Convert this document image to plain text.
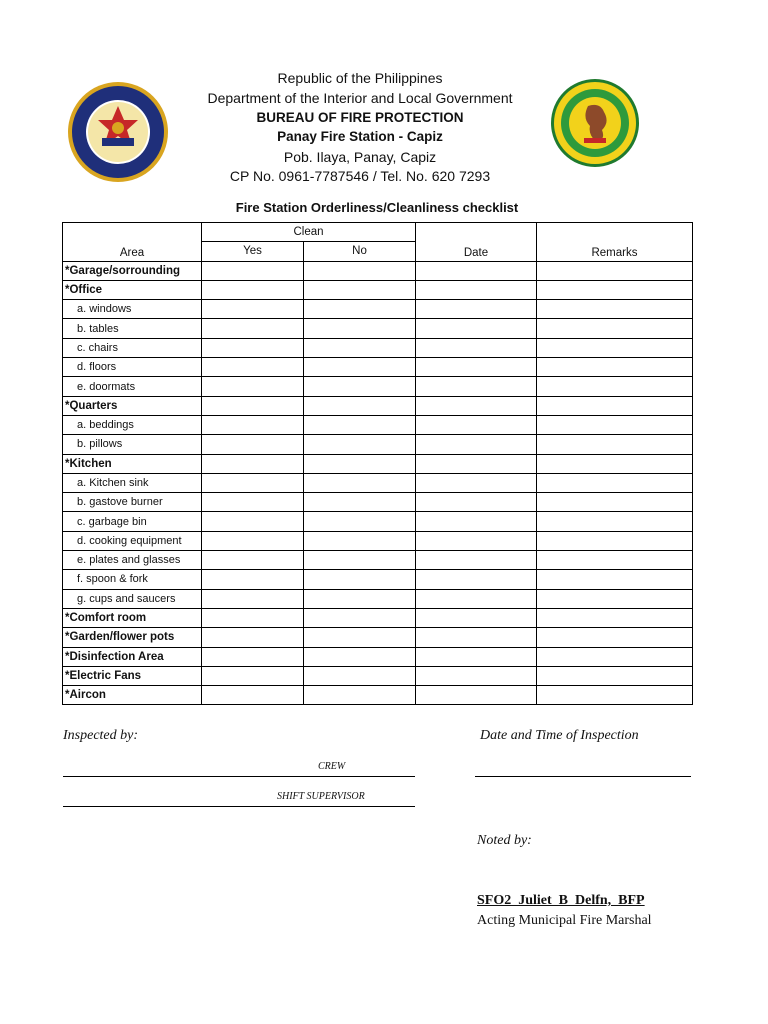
Republic of the Philippines
Department of the Interior and Local Government
BUREAU OF FIRE PROTECTION
Panay Fire Station - Capiz
Pob. Ilaya, Panay, Capiz
CP No. 0961-7787546 / Tel. No. 620 7293
Fire Station Orderliness/Cleanliness checklist
Area	Clean		Date	Remarks
	Yes	No		
*Garage/sorrounding				
*Office				
a. windows				
b. tables				
c. chairs				
d. floors				
e. doormats				
*Quarters				
a. beddings				
b. pillows				
*Kitchen				
a. Kitchen sink				
b. gastove burner				
c. garbage bin				
d. cooking equipment				
e. plates and glasses				
f. spoon & fork				
g. cups and saucers				
*Comfort room				
*Garden/flower pots				
*Disinfection Area				
*Electric Fans				
*Aircon				
Inspected by:	Date and Time of Inspection
CREW
SHIFT SUPERVISOR
Noted by:
SFO2  Juliet  B  Delfn,  BFP
Acting Municipal Fire Marshal
